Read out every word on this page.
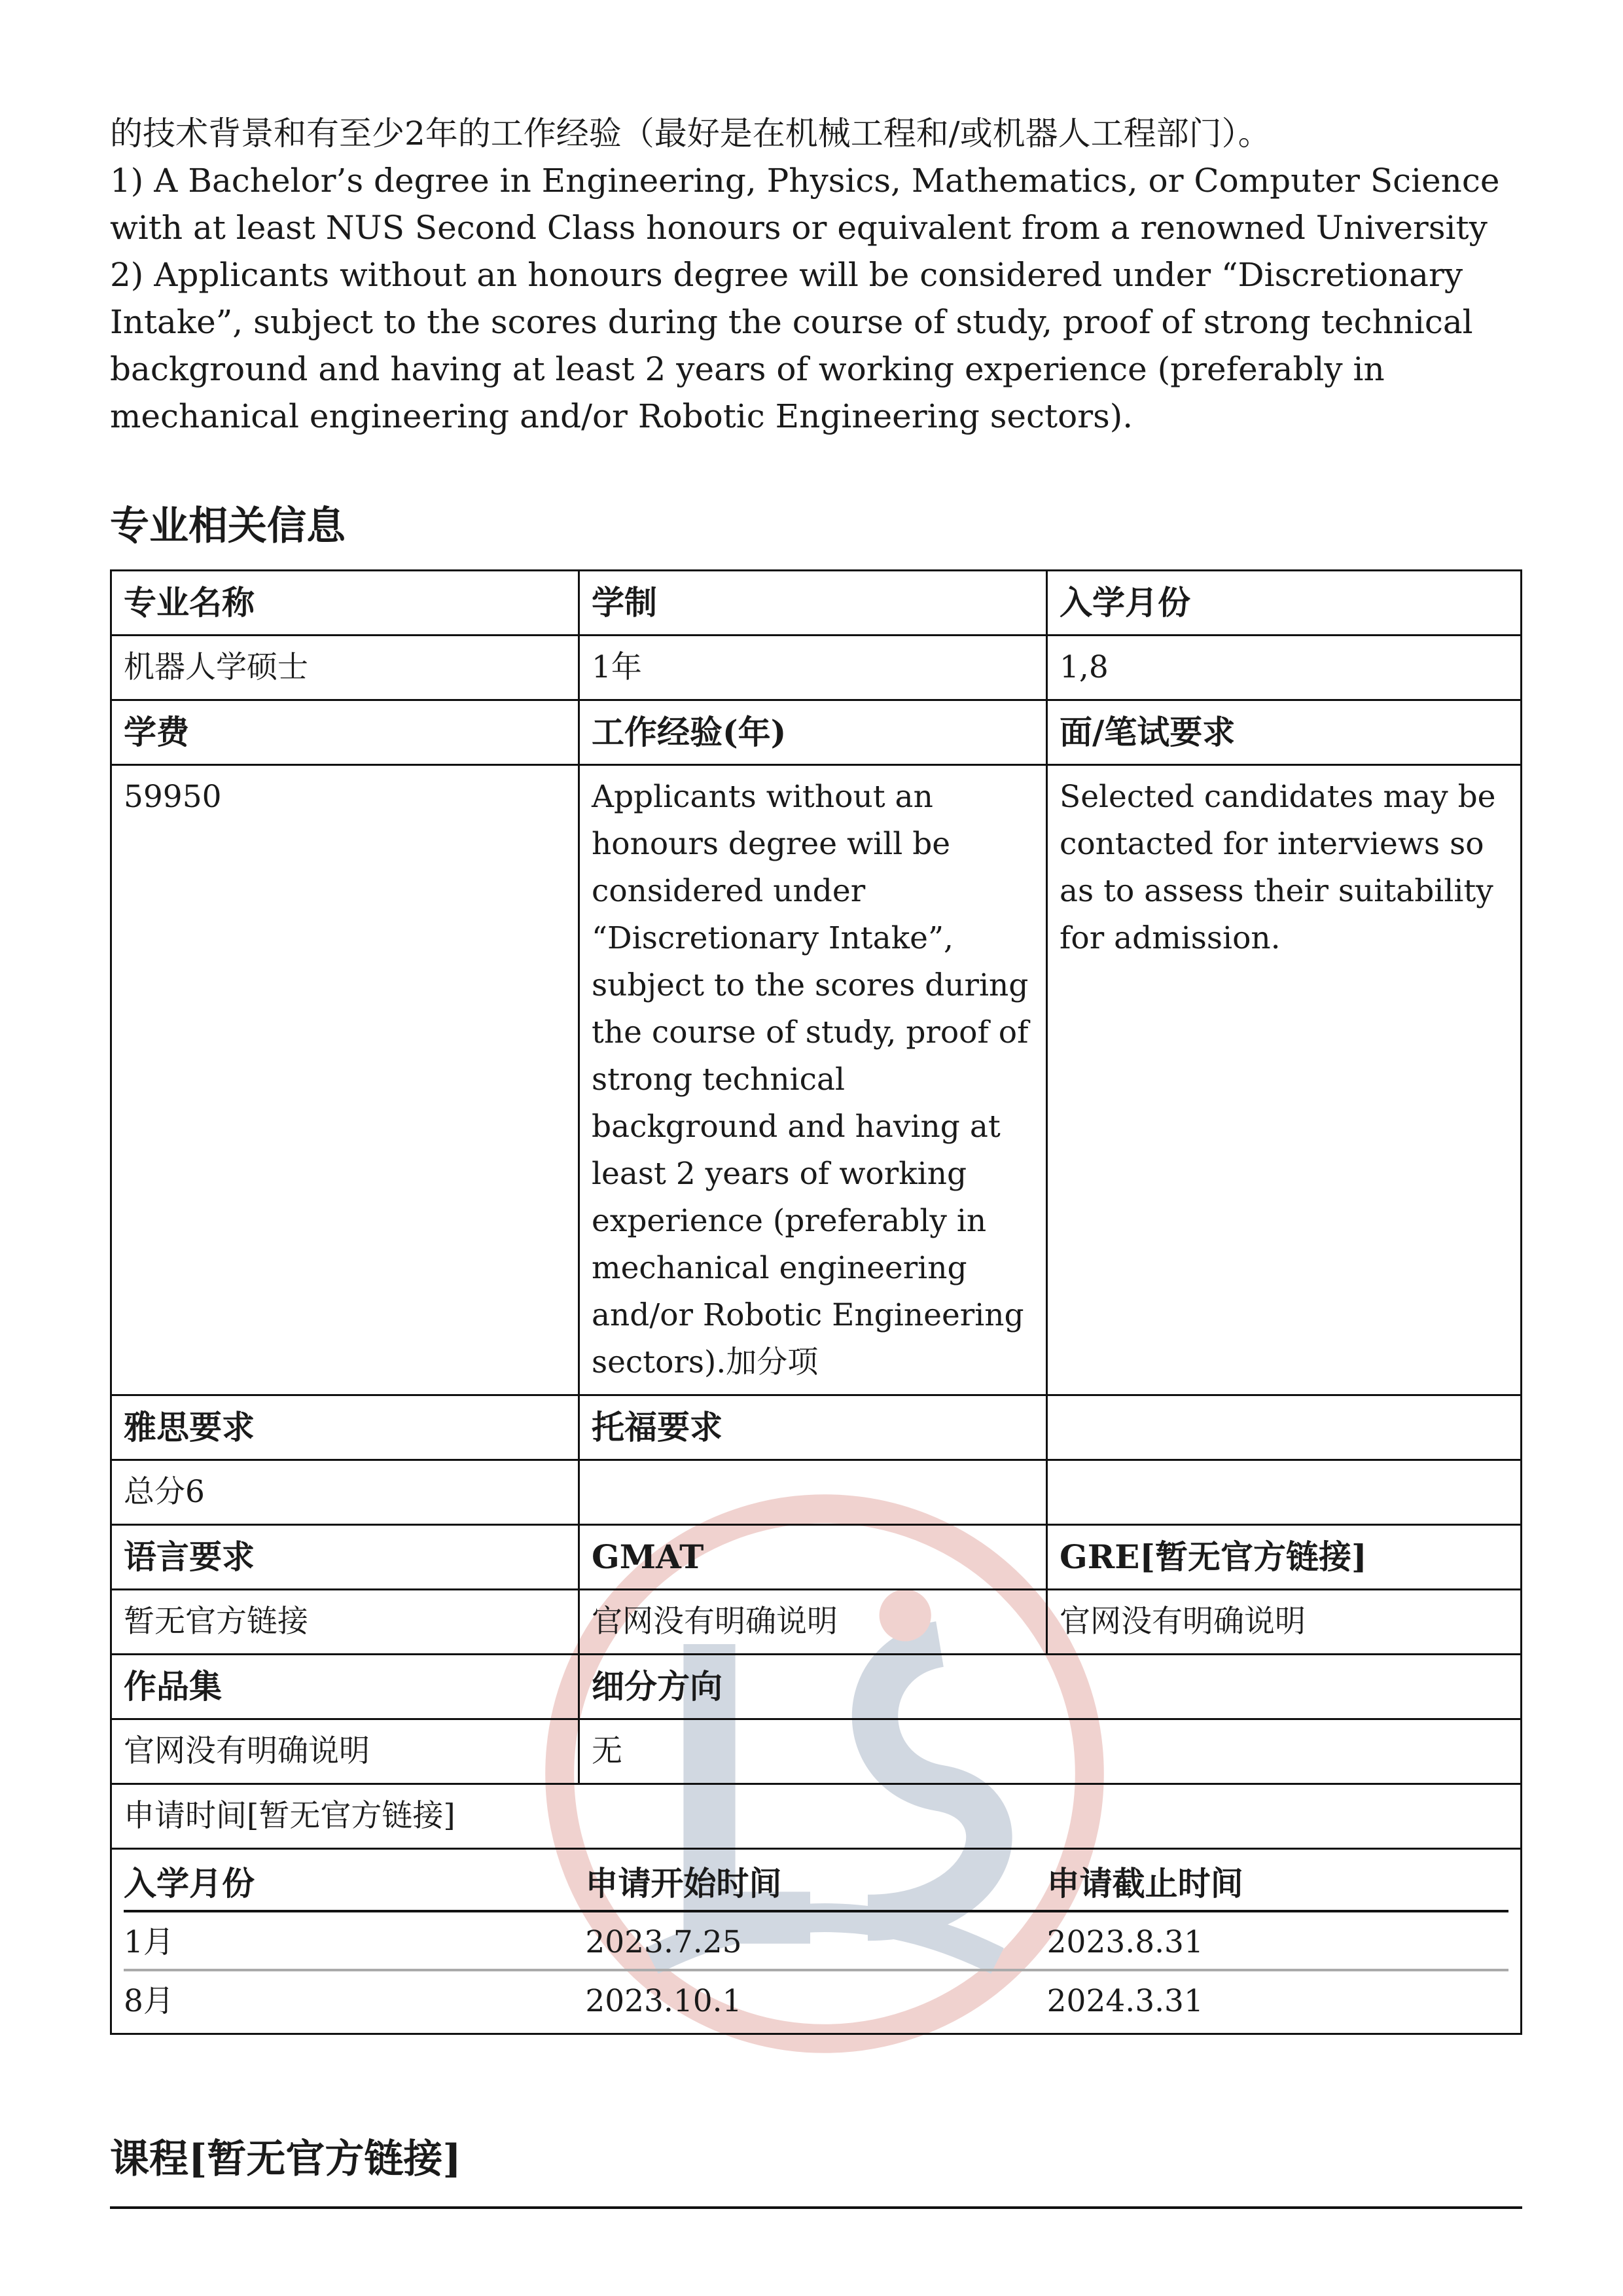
的技术背景和有至少2年的工作经验（最好是在机械工程和/或机器人工程部门）。

1) A Bachelor’s degree in Engineering, Physics, Mathematics, or Computer Science with at least NUS Second Class honours or equivalent from a renowned University

2) Applicants without an honours degree will be considered under “Discretionary Intake”, subject to the scores during the course of study, proof of strong technical background and having at least 2 years of working experience (preferably in mechanical engineering and/or Robotic Engineering sectors).

专业相关信息
专业名称	学制	入学月份
机器人学硕士	1年	1,8
学费	工作经验(年)	面/笔试要求
59950	Applicants without an honours degree will be considered under “Discretionary Intake”, subject to the scores during the course of study, proof of strong technical background and having at least 2 years of working experience (preferably in mechanical engineering and/or Robotic Engineering sectors).加分项	Selected candidates may be contacted for interviews so as to assess their suitability for admission.
雅思要求	托福要求	
总分6		
语言要求	GMAT	GRE[暂无官方链接]
暂无官方链接	官网没有明确说明	官网没有明确说明
作品集	细分方向
官网没有明确说明	无
申请时间[暂无官方链接]

入学月份	申请开始时间	申请截止时间
1月	2023.7.25	2023.8.31
8月	2023.10.1	2024.3.31
课程[暂无官方链接]
